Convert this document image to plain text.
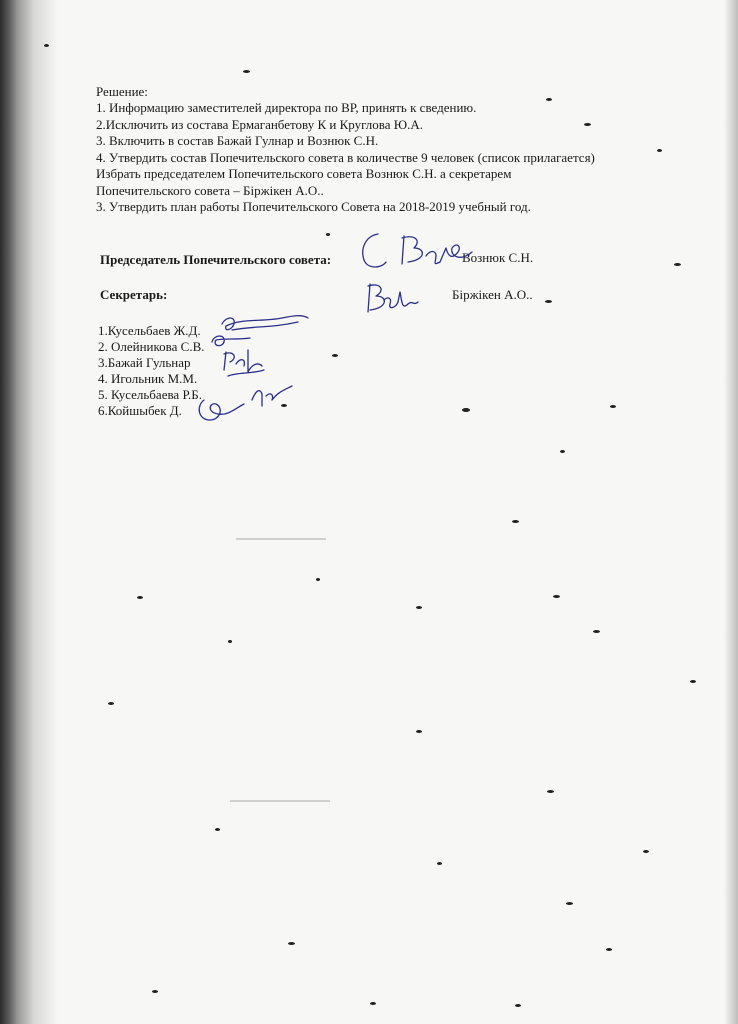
Решение:
1. Информацию заместителей директора по ВР, принять к сведению.
2.Исключить из состава Ермаганбетову К и Круглова Ю.А.
3. Включить в состав Бажай Гулнар и Вознюк С.Н.
4. Утвердить состав Попечительского совета в количестве 9 человек (список прилагается)
Избрать председателем Попечительского совета Вознюк С.Н. а секретарем
Попечительского совета – Біржікен А.О..
3. Утвердить план работы Попечительского Совета на 2018-2019 учебный год.
Председатель Попечительского совета:	Вознюк С.Н.
Секретарь:	Біржікен А.О..
1.Кусельбаев Ж.Д.
2. Олейникова С.В.
3.Бажай Гульнар
4. Игольник М.М.
5. Кусельбаева Р.Б.
6.Койшыбек Д.
